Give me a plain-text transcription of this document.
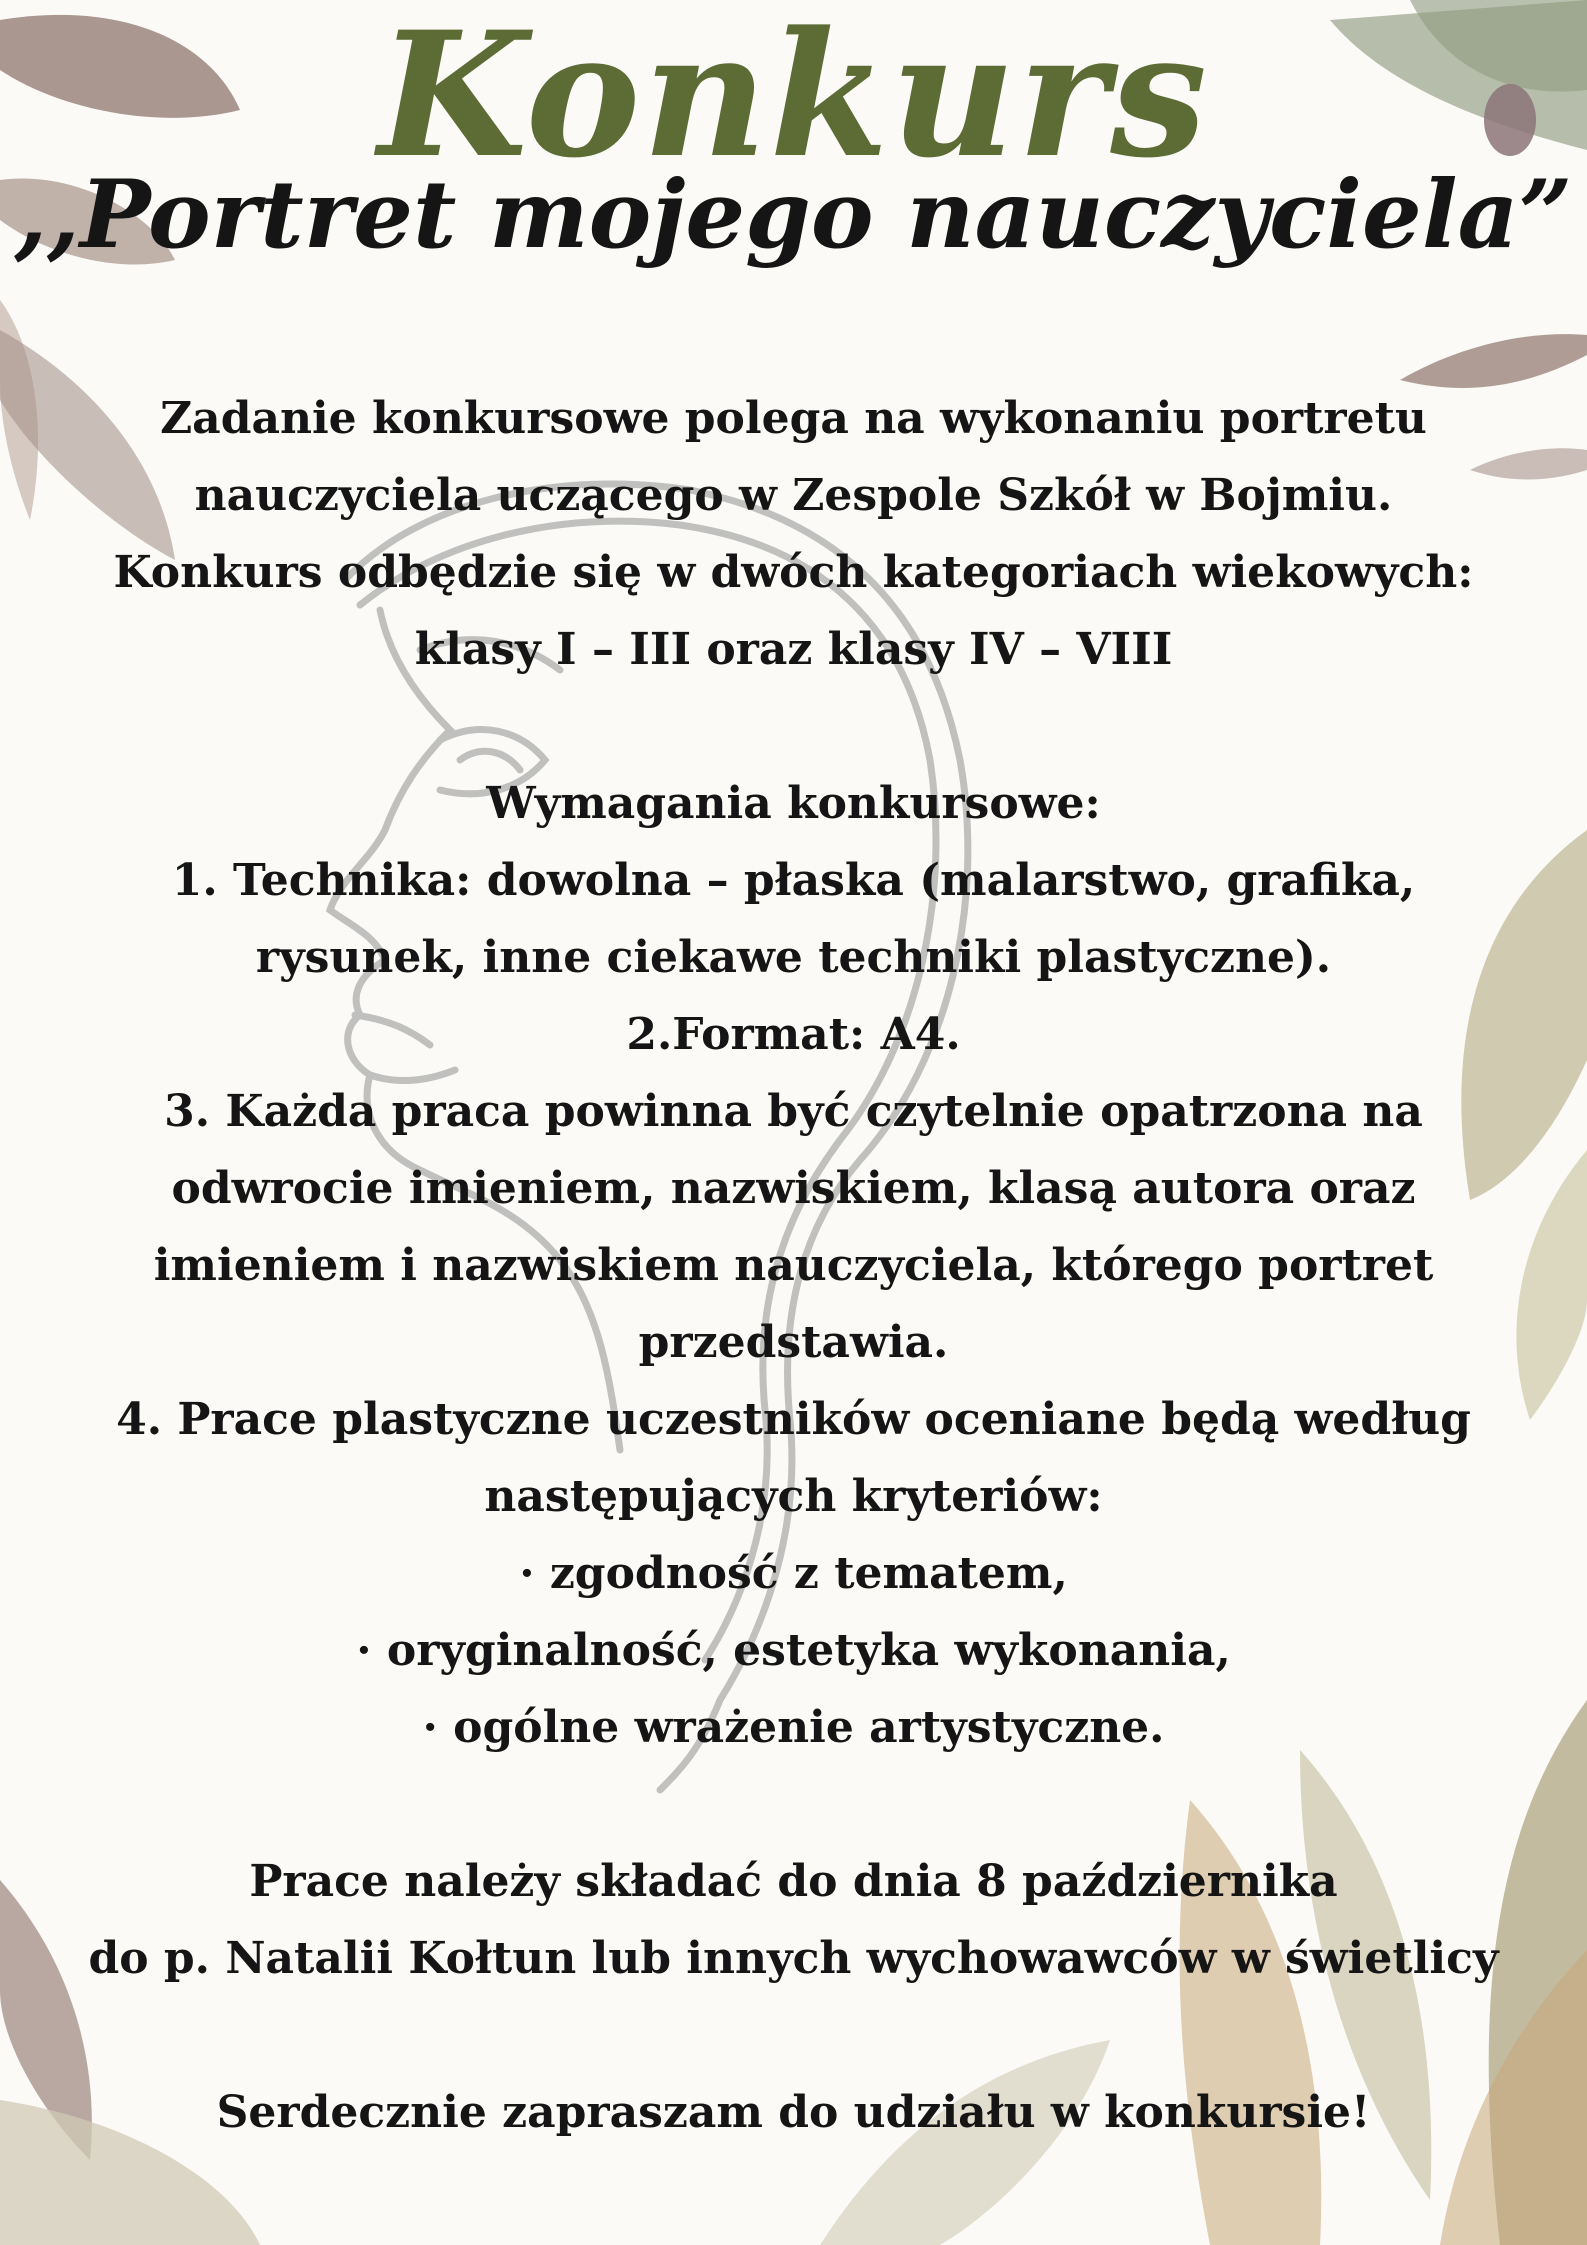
Konkurs
,,Portret mojego nauczyciela”
Zadanie konkursowe polega na wykonaniu portretu
nauczyciela uczącego w Zespole Szkół w Bojmiu.
Konkurs odbędzie się w dwóch kategoriach wiekowych:
klasy I – III oraz klasy IV – VIII
Wymagania konkursowe:
1. Technika: dowolna – płaska (malarstwo, grafika,
rysunek, inne ciekawe techniki plastyczne).
2.Format: A4.
3. Każda praca powinna być czytelnie opatrzona na
odwrocie imieniem, nazwiskiem, klasą autora oraz
imieniem i nazwiskiem nauczyciela, którego portret
przedstawia.
4. Prace plastyczne uczestników oceniane będą według
następujących kryteriów:
· zgodność z tematem,
· oryginalność, estetyka wykonania,
· ogólne wrażenie artystyczne.
Prace należy składać do dnia 8 października
do p. Natalii Kołtun lub innych wychowawców w świetlicy
Serdecznie zapraszam do udziału w konkursie!
